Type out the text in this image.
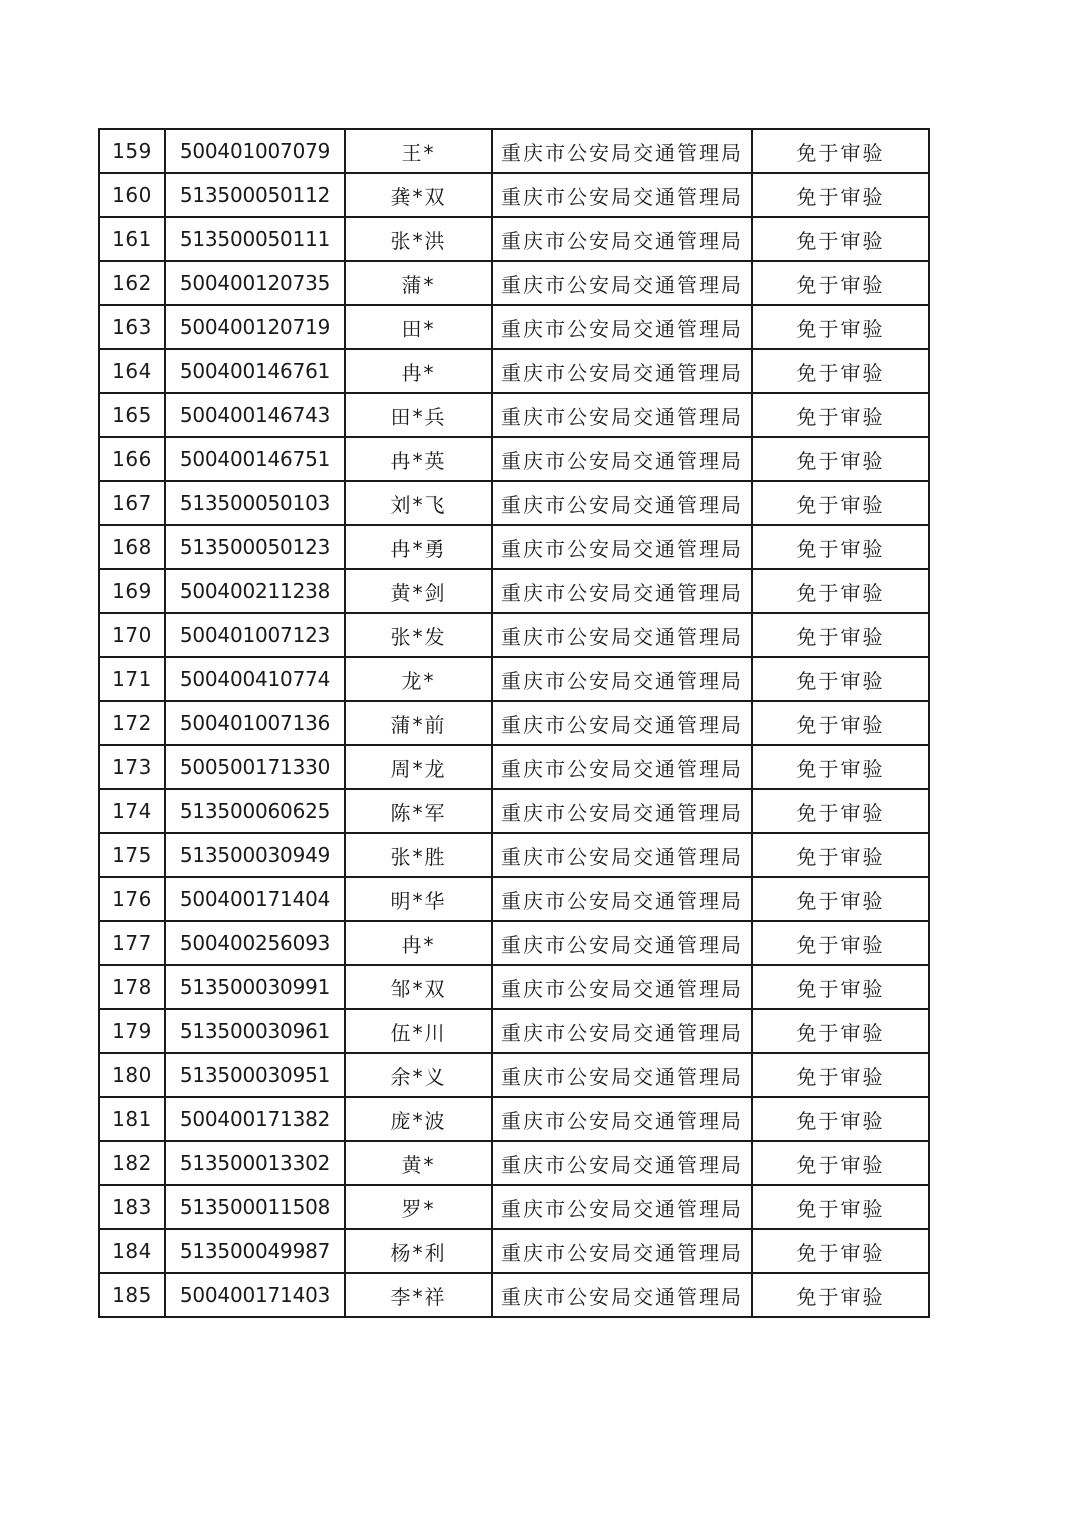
159	500401007079	王*	重庆市公安局交通管理局	免于审验
160	513500050112	龚*双	重庆市公安局交通管理局	免于审验
161	513500050111	张*洪	重庆市公安局交通管理局	免于审验
162	500400120735	蒲*	重庆市公安局交通管理局	免于审验
163	500400120719	田*	重庆市公安局交通管理局	免于审验
164	500400146761	冉*	重庆市公安局交通管理局	免于审验
165	500400146743	田*兵	重庆市公安局交通管理局	免于审验
166	500400146751	冉*英	重庆市公安局交通管理局	免于审验
167	513500050103	刘*飞	重庆市公安局交通管理局	免于审验
168	513500050123	冉*勇	重庆市公安局交通管理局	免于审验
169	500400211238	黄*剑	重庆市公安局交通管理局	免于审验
170	500401007123	张*发	重庆市公安局交通管理局	免于审验
171	500400410774	龙*	重庆市公安局交通管理局	免于审验
172	500401007136	蒲*前	重庆市公安局交通管理局	免于审验
173	500500171330	周*龙	重庆市公安局交通管理局	免于审验
174	513500060625	陈*军	重庆市公安局交通管理局	免于审验
175	513500030949	张*胜	重庆市公安局交通管理局	免于审验
176	500400171404	明*华	重庆市公安局交通管理局	免于审验
177	500400256093	冉*	重庆市公安局交通管理局	免于审验
178	513500030991	邹*双	重庆市公安局交通管理局	免于审验
179	513500030961	伍*川	重庆市公安局交通管理局	免于审验
180	513500030951	余*义	重庆市公安局交通管理局	免于审验
181	500400171382	庞*波	重庆市公安局交通管理局	免于审验
182	513500013302	黄*	重庆市公安局交通管理局	免于审验
183	513500011508	罗*	重庆市公安局交通管理局	免于审验
184	513500049987	杨*利	重庆市公安局交通管理局	免于审验
185	500400171403	李*祥	重庆市公安局交通管理局	免于审验
